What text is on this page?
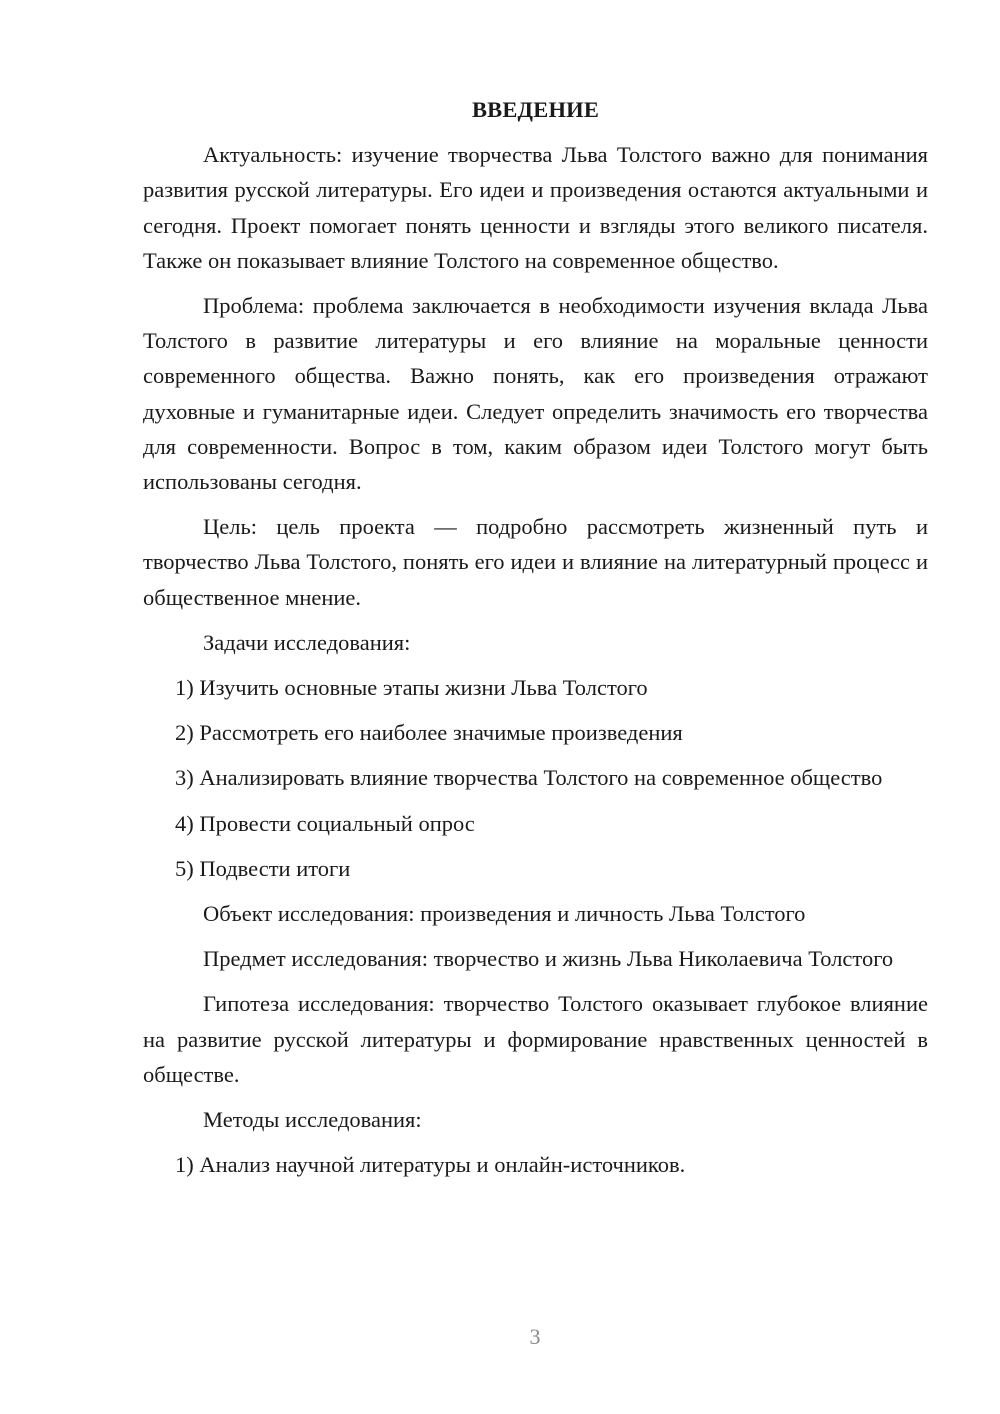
ВВЕДЕНИЕ

Актуальность: изучение творчества Льва Толстого важно для понимания развития русской литературы. Его идеи и произведения остаются актуальными и сегодня. Проект помогает понять ценности и взгляды этого великого писателя. Также он показывает влияние Толстого на современное общество.

Проблема: проблема заключается в необходимости изучения вклада Льва Толстого в развитие литературы и его влияние на моральные ценности современного общества. Важно понять, как его произведения отражают духовные и гуманитарные идеи. Следует определить значимость его творчества для современности. Вопрос в том, каким образом идеи Толстого могут быть использованы сегодня.

Цель: цель проекта — подробно рассмотреть жизненный путь и творчество Льва Толстого, понять его идеи и влияние на литературный процесс и общественное мнение.

Задачи исследования:

1) Изучить основные этапы жизни Льва Толстого

2) Рассмотреть его наиболее значимые произведения

3) Анализировать влияние творчества Толстого на современное общество

4) Провести социальный опрос

5) Подвести итоги

Объект исследования: произведения и личность Льва Толстого

Предмет исследования: творчество и жизнь Льва Николаевича Толстого

Гипотеза исследования: творчество Толстого оказывает глубокое влияние на развитие русской литературы и формирование нравственных ценностей в обществе.

Методы исследования:

1) Анализ научной литературы и онлайн-источников.

3
